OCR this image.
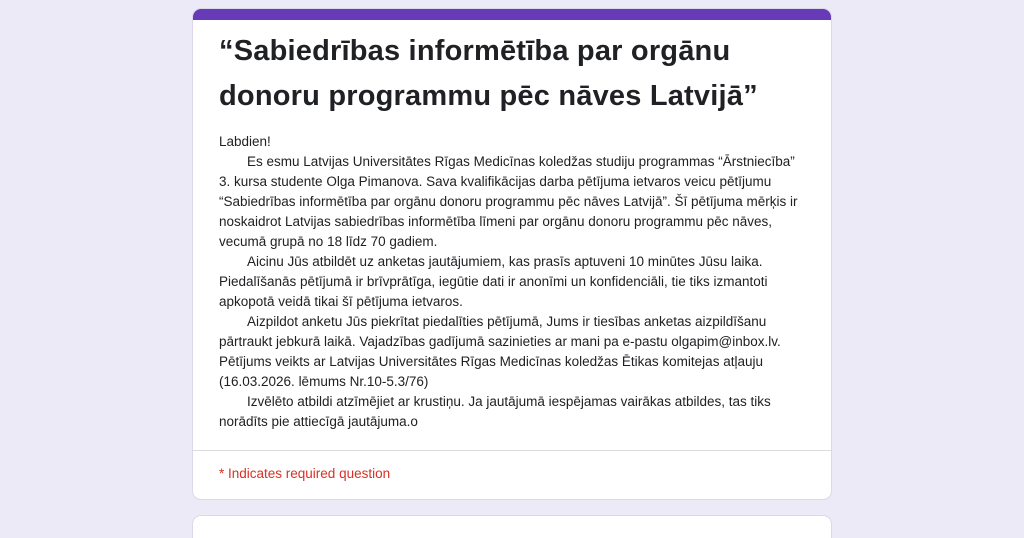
“Sabiedrības informētība par orgānu donoru programmu pēc nāves Latvijā”

Labdien!

Es esmu Latvijas Universitātes Rīgas Medicīnas koledžas studiju programmas “Ārstniecība” 3. kursa studente Olga Pimanova. Sava kvalifikācijas darba pētījuma ietvaros veicu pētījumu “Sabiedrības informētība par orgānu donoru programmu pēc nāves Latvijā”. Šī pētījuma mērķis ir noskaidrot Latvijas sabiedrības informētība līmeni par orgānu donoru programmu pēc nāves, vecumā grupā no 18 līdz 70 gadiem.

Aicinu Jūs atbildēt uz anketas jautājumiem, kas prasīs aptuveni 10 minūtes Jūsu laika. Piedalīšanās pētījumā ir brīvprātīga, iegūtie dati ir anonīmi un konfidenciāli, tie tiks izmantoti apkopotā veidā tikai šī pētījuma ietvaros.

Aizpildot anketu Jūs piekrītat piedalīties pētījumā, Jums ir tiesības anketas aizpildīšanu pārtraukt jebkurā laikā. Vajadzības gadījumā sazinieties ar mani pa e-pastu olgapim@inbox.lv. Pētījums veikts ar Latvijas Universitātes Rīgas Medicīnas koledžas Ētikas komitejas atļauju (16.03.2026. lēmums Nr.10-5.3/76)

Izvēlēto atbildi atzīmējiet ar krustiņu. Ja jautājumā iespējamas vairākas atbildes, tas tiks norādīts pie attiecīgā jautājuma.o

* Indicates required question
